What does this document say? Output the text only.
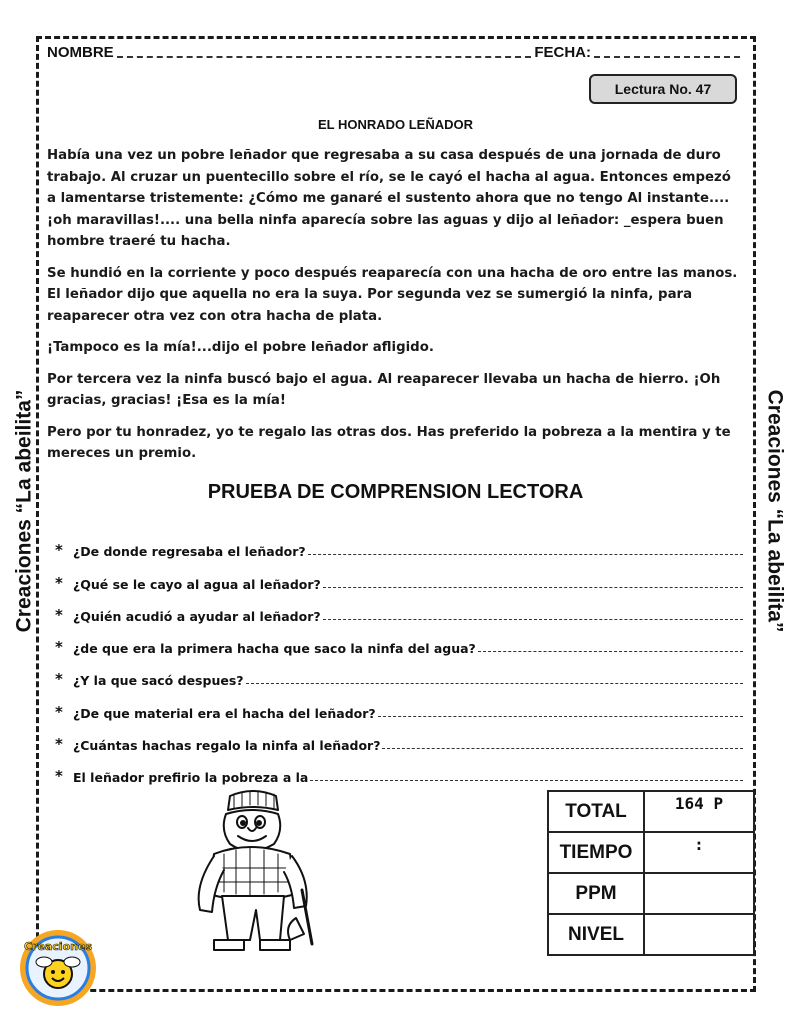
Creaciones “La abeilita”	Creaciones “La abeilita”
NOMBRE	FECHA:
Lectura No. 47
EL HONRADO LEÑADOR

Había una vez un pobre leñador que regresaba a su casa después de una jornada de duro trabajo. Al cruzar un puentecillo sobre el río, se le cayó el hacha al agua. Entonces empezó a lamentarse tristemente: ¿Cómo me ganaré el sustento ahora que no tengo Al instante....¡oh maravillas!.... una bella ninfa aparecía sobre las aguas y dijo al leñador: _espera buen hombre traeré tu hacha.

Se hundió en la corriente y poco después reaparecía con una hacha de oro entre las manos. El leñador dijo que aquella no era la suya. Por segunda vez se sumergió la ninfa, para reaparecer otra vez con otra hacha de plata.

¡Tampoco es la mía!...dijo el pobre leñador afligido.

Por tercera vez la ninfa buscó bajo el agua. Al reaparecer llevaba un hacha de hierro. ¡Oh gracias, gracias! ¡Esa es la mía!

Pero por tu honradez, yo te regalo las otras dos. Has preferido la pobreza a la mentira y te mereces un premio.

PRUEBA DE COMPRENSION LECTORA
* ¿De donde regresaba el leñador?
* ¿Qué se le cayo al agua al leñador?
* ¿Quién acudió a ayudar al leñador?
* ¿de que era la primera hacha que saco la ninfa del agua?
* ¿Y la que sacó despues?
* ¿De que material era el hacha del leñador?
* ¿Cuántas hachas regalo la ninfa al leñador?
* El leñador prefirio la pobreza a la
Creaciones
TOTAL	164 P
TIEMPO	:
PPM	
NIVEL	
